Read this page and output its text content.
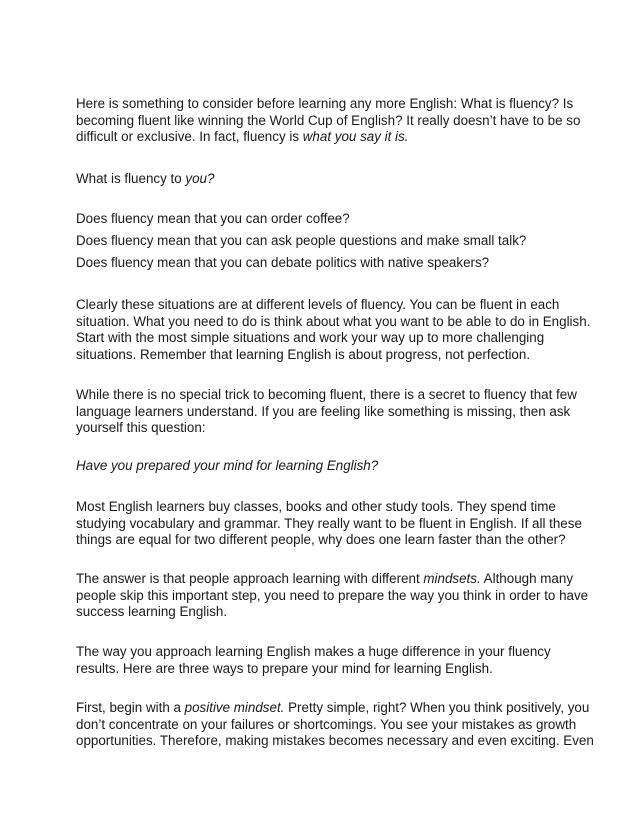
Here is something to consider before learning any more English: What is fluency? Is
becoming fluent like winning the World Cup of English? It really doesn’t have to be so
difficult or exclusive. In fact, fluency is what you say it is.
What is fluency to you?
Does fluency mean that you can order coffee?
Does fluency mean that you can ask people questions and make small talk?
Does fluency mean that you can debate politics with native speakers?
Clearly these situations are at different levels of fluency. You can be fluent in each
situation. What you need to do is think about what you want to be able to do in English.
Start with the most simple situations and work your way up to more challenging
situations. Remember that learning English is about progress, not perfection.
While there is no special trick to becoming fluent, there is a secret to fluency that few
language learners understand. If you are feeling like something is missing, then ask
yourself this question:
Have you prepared your mind for learning English?
Most English learners buy classes, books and other study tools. They spend time
studying vocabulary and grammar. They really want to be fluent in English. If all these
things are equal for two different people, why does one learn faster than the other?
The answer is that people approach learning with different mindsets. Although many
people skip this important step, you need to prepare the way you think in order to have
success learning English.
The way you approach learning English makes a huge difference in your fluency
results. Here are three ways to prepare your mind for learning English.
First, begin with a positive mindset. Pretty simple, right? When you think positively, you
don’t concentrate on your failures or shortcomings. You see your mistakes as growth
opportunities. Therefore, making mistakes becomes necessary and even exciting. Even
